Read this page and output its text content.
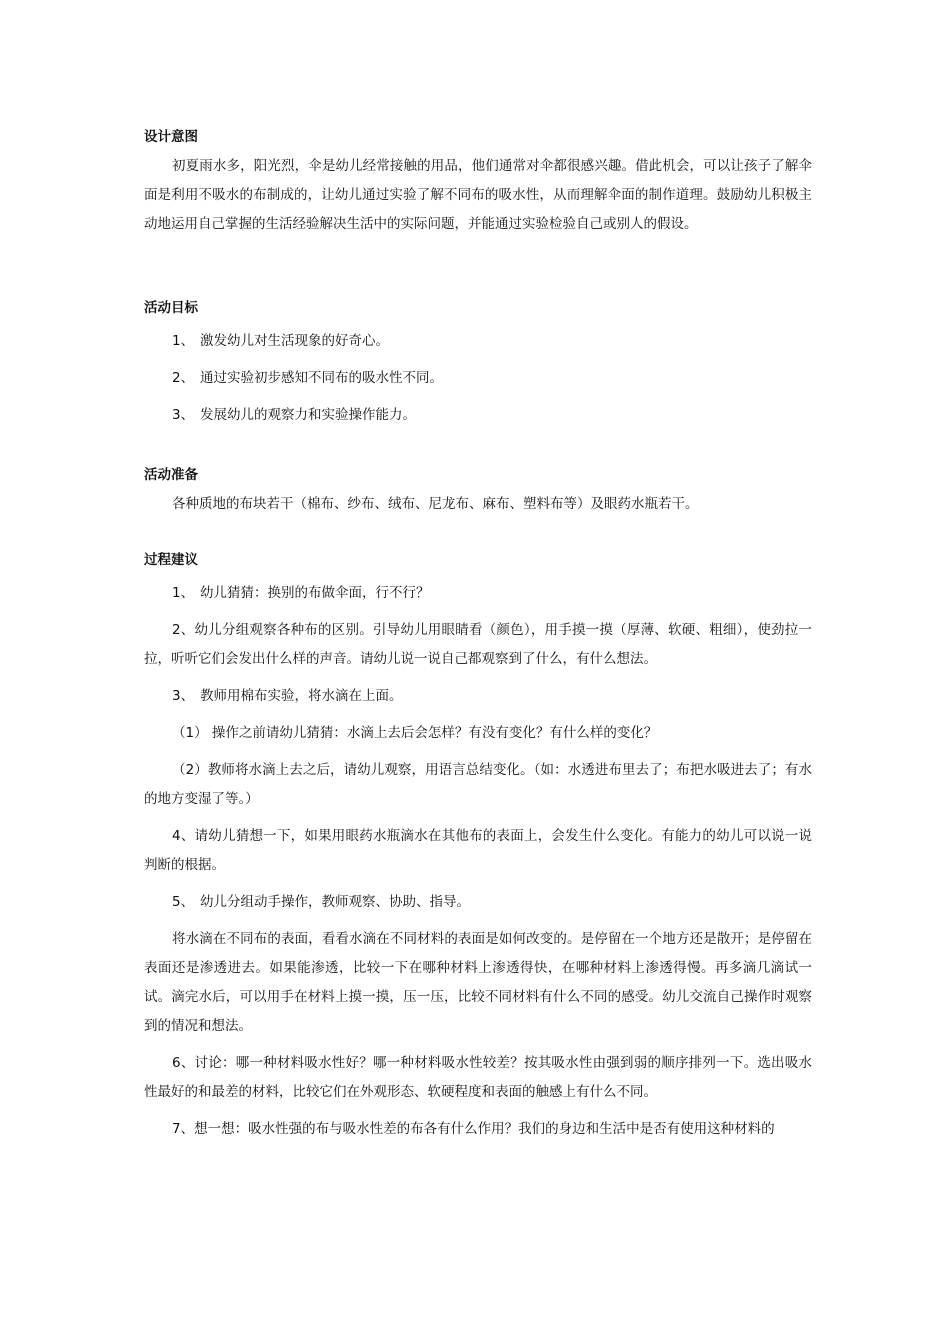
设计意图

初夏雨水多，阳光烈，伞是幼儿经常接触的用品，他们通常对伞都很感兴趣。借此机会，可以让孩子了解伞面是利用不吸水的布制成的，让幼儿通过实验了解不同布的吸水性，从而理解伞面的制作道理。鼓励幼儿积极主动地运用自己掌握的生活经验解决生活中的实际问题，并能通过实验检验自己或别人的假设。

活动目标

1、 激发幼儿对生活现象的好奇心。

2、 通过实验初步感知不同布的吸水性不同。

3、 发展幼儿的观察力和实验操作能力。

活动准备

各种质地的布块若干（棉布、纱布、绒布、尼龙布、麻布、塑料布等）及眼药水瓶若干。

过程建议

1、 幼儿猜猜：换别的布做伞面，行不行？

2、幼儿分组观察各种布的区别。引导幼儿用眼睛看（颜色），用手摸一摸（厚薄、软硬、粗细），使劲拉一拉，听听它们会发出什么样的声音。请幼儿说一说自己都观察到了什么，有什么想法。

3、 教师用棉布实验，将水滴在上面。

（1） 操作之前请幼儿猜猜：水滴上去后会怎样？有没有变化？有什么样的变化？

（2）教师将水滴上去之后，请幼儿观察，用语言总结变化。（如：水透进布里去了；布把水吸进去了；有水的地方变湿了等。）

4、请幼儿猜想一下，如果用眼药水瓶滴水在其他布的表面上，会发生什么变化。有能力的幼儿可以说一说判断的根据。

5、 幼儿分组动手操作，教师观察、协助、指导。

将水滴在不同布的表面，看看水滴在不同材料的表面是如何改变的。是停留在一个地方还是散开；是停留在表面还是渗透进去。如果能渗透，比较一下在哪种材料上渗透得快，在哪种材料上渗透得慢。再多滴几滴试一试。滴完水后，可以用手在材料上摸一摸，压一压，比较不同材料有什么不同的感受。幼儿交流自己操作时观察到的情况和想法。

6、讨论：哪一种材料吸水性好？哪一种材料吸水性较差？按其吸水性由强到弱的顺序排列一下。选出吸水性最好的和最差的材料，比较它们在外观形态、软硬程度和表面的触感上有什么不同。

7、想一想：吸水性强的布与吸水性差的布各有什么作用？我们的身边和生活中是否有使用这种材料的
